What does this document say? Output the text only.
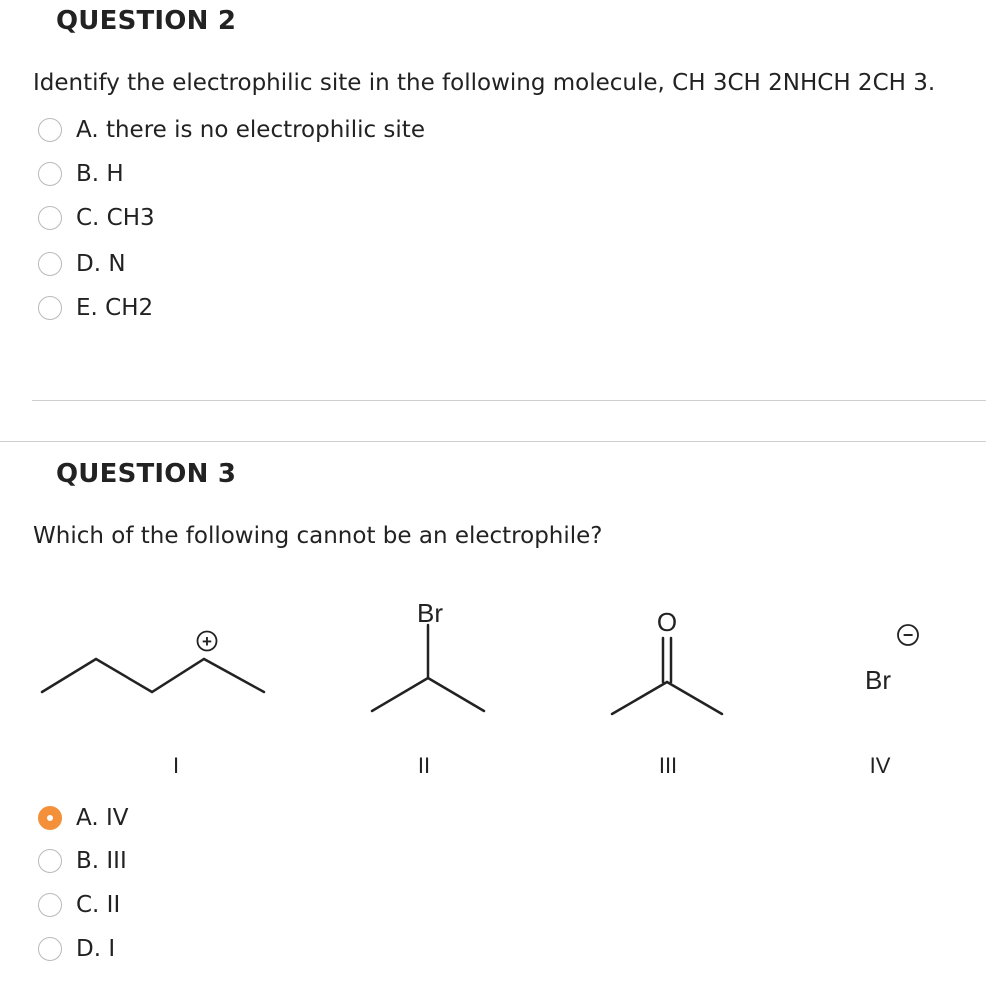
QUESTION 2
Identify the electrophilic site in the following molecule, CH 3CH 2NHCH 2CH 3.
A. there is no electrophilic site
B. H
C. CH3
D. N
E. CH2
QUESTION 3
Which of the following cannot be an electrophile?
+
Br	O	−
Br
I	II	III	IV
A. IV
B. III
C. II
D. I
